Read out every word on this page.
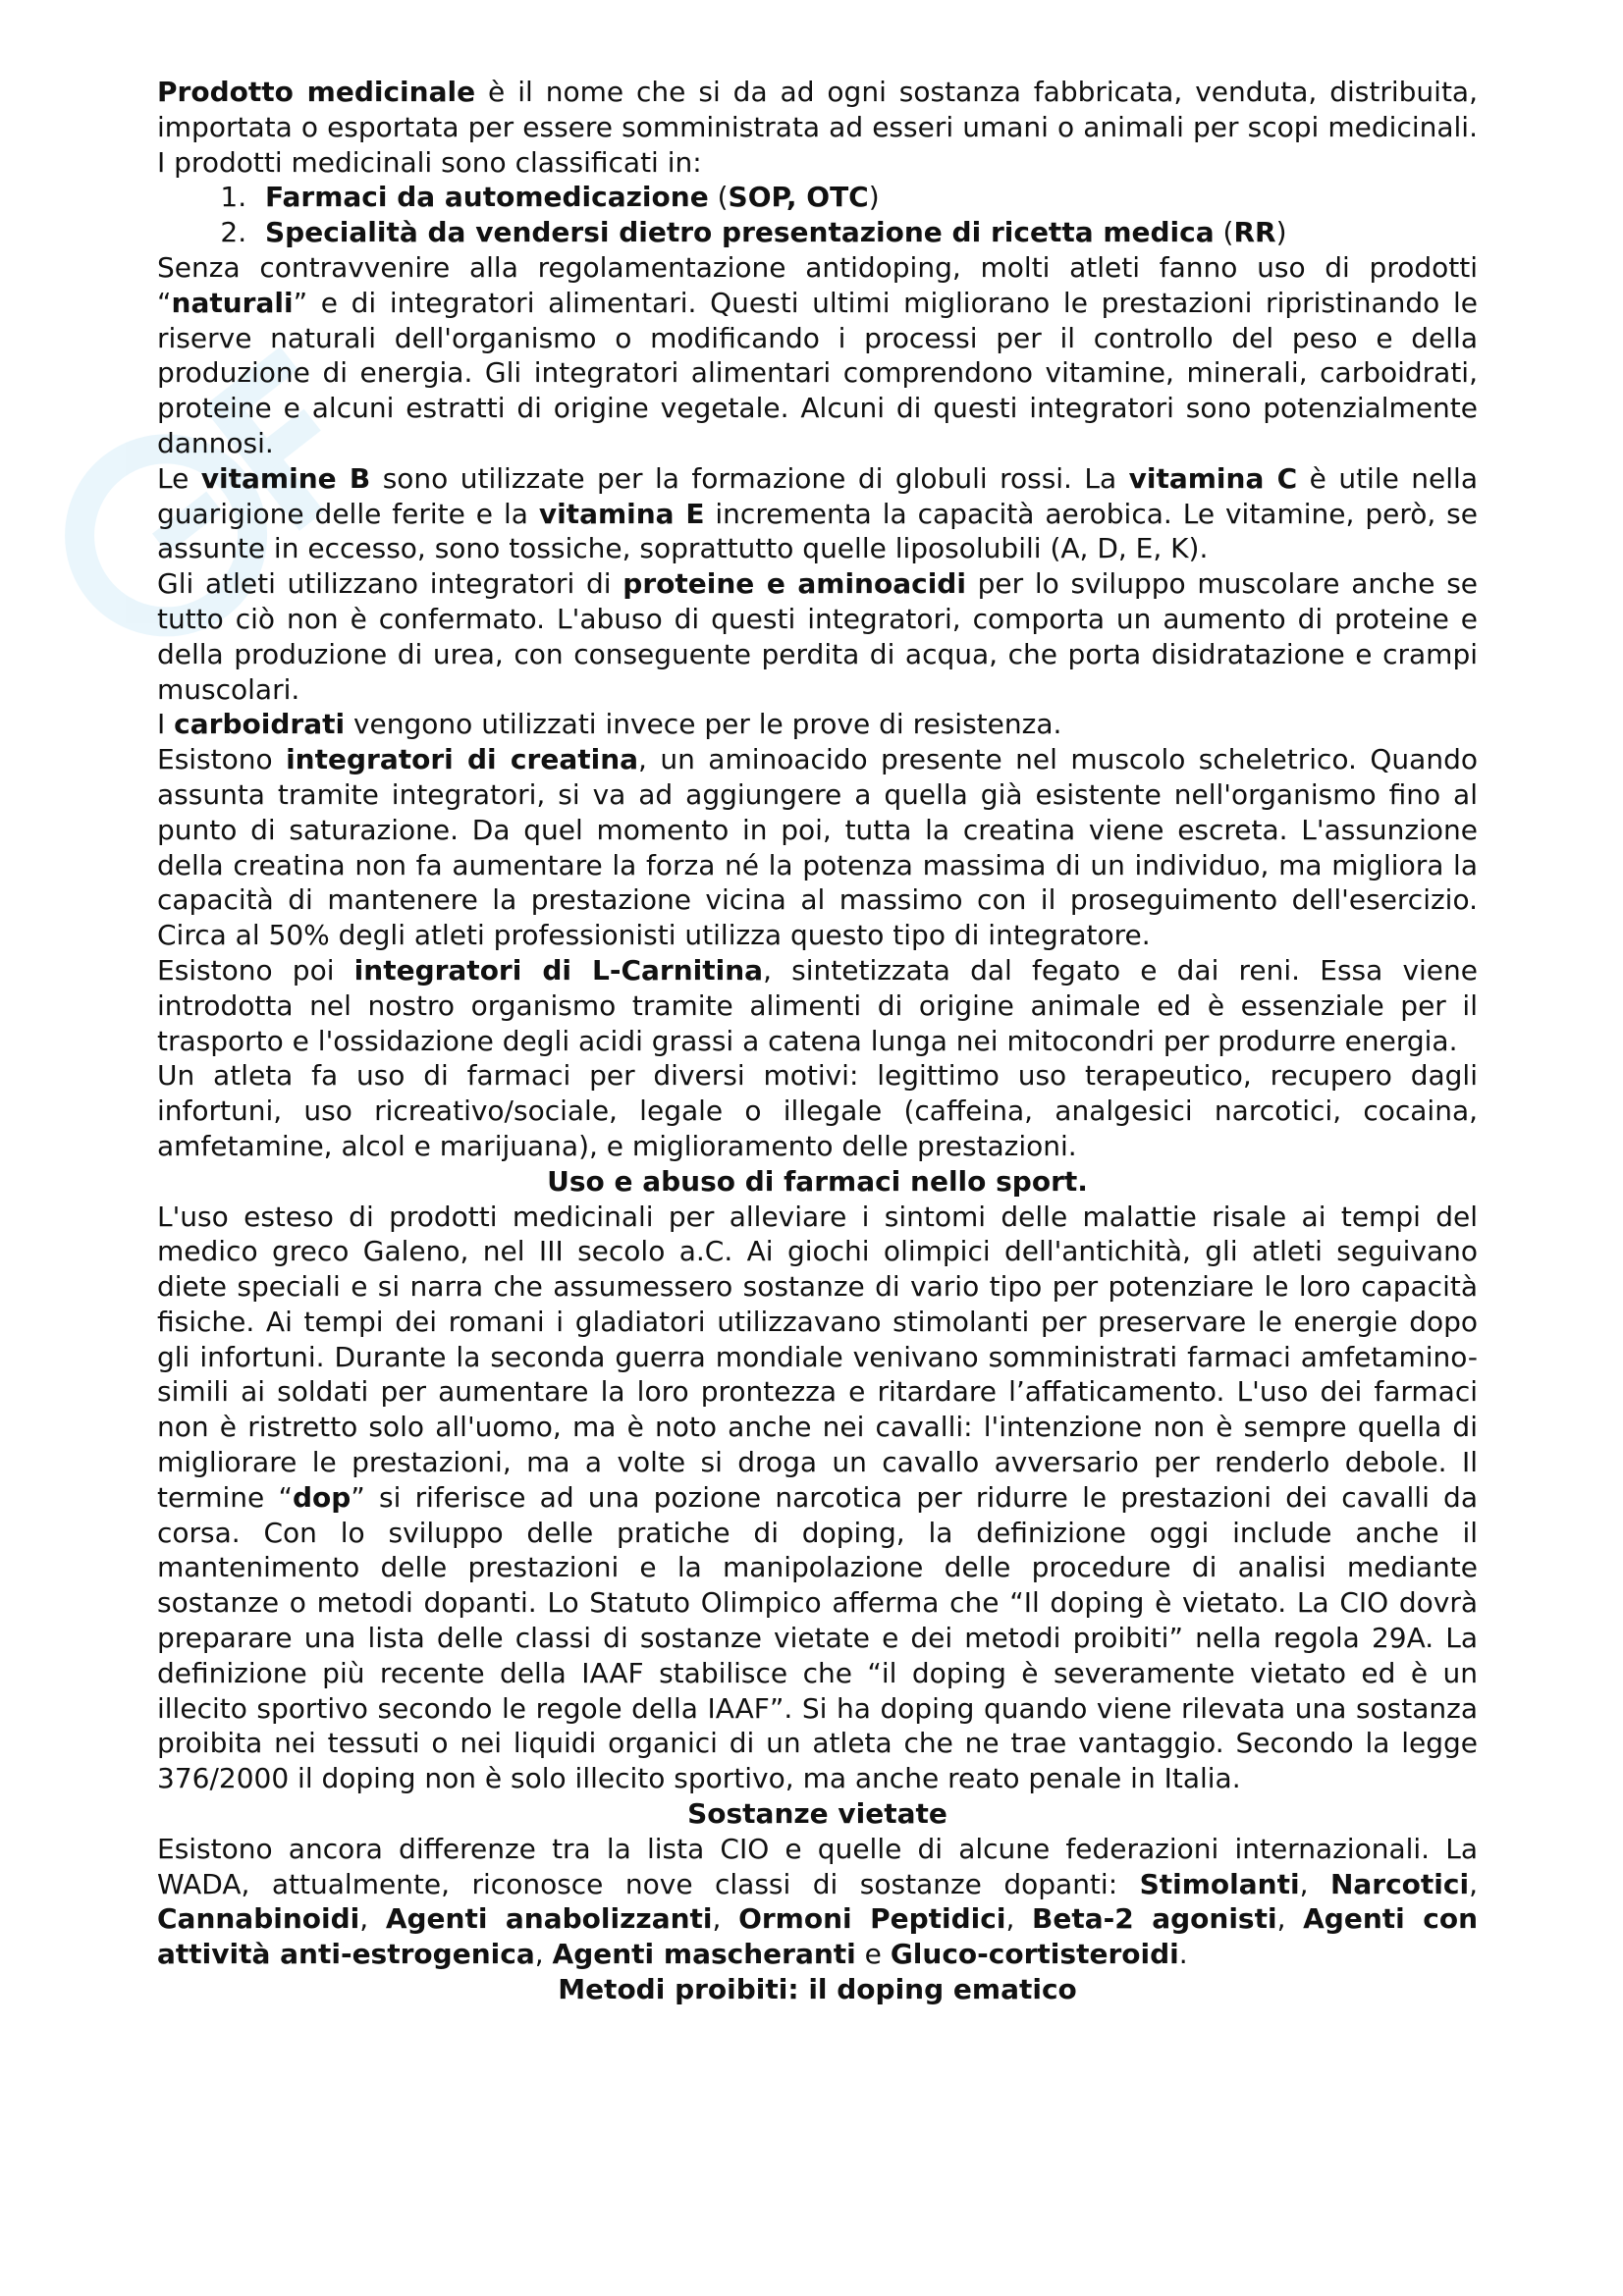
Prodotto medicinale è il nome che si da ad ogni sostanza fabbricata, venduta, distribuita, importata o esportata per essere somministrata ad esseri umani o animali per scopi medicinali. I prodotti medicinali sono classificati in:

1. Farmaci da automedicazione (SOP, OTC)
2. Specialità da vendersi dietro presentazione di ricetta medica (RR)

Senza contravvenire alla regolamentazione antidoping, molti atleti fanno uso di prodotti “naturali” e di integratori alimentari. Questi ultimi migliorano le prestazioni ripristinando le riserve naturali dell'organismo o modificando i processi per il controllo del peso e della produzione di energia. Gli integratori alimentari comprendono vitamine, minerali, carboidrati, proteine e alcuni estratti di origine vegetale. Alcuni di questi integratori sono potenzialmente dannosi.

Le vitamine B sono utilizzate per la formazione di globuli rossi. La vitamina C è utile nella guarigione delle ferite e la vitamina E incrementa la capacità aerobica. Le vitamine, però, se assunte in eccesso, sono tossiche, soprattutto quelle liposolubili (A, D, E, K).

Gli atleti utilizzano integratori di proteine e aminoacidi per lo sviluppo muscolare anche se tutto ciò non è confermato. L'abuso di questi integratori, comporta un aumento di proteine e della produzione di urea, con conseguente perdita di acqua, che porta disidratazione e crampi muscolari.

I carboidrati vengono utilizzati invece per le prove di resistenza.

Esistono integratori di creatina, un aminoacido presente nel muscolo scheletrico. Quando assunta tramite integratori, si va ad aggiungere a quella già esistente nell'organismo fino al punto di saturazione. Da quel momento in poi, tutta la creatina viene escreta. L'assunzione della creatina non fa aumentare la forza né la potenza massima di un individuo, ma migliora la capacità di mantenere la prestazione vicina al massimo con il proseguimento dell'esercizio. Circa al 50% degli atleti professionisti utilizza questo tipo di integratore.

Esistono poi integratori di L-Carnitina, sintetizzata dal fegato e dai reni. Essa viene introdotta nel nostro organismo tramite alimenti di origine animale ed è essenziale per il trasporto e l'ossidazione degli acidi grassi a catena lunga nei mitocondri per produrre energia.

Un atleta fa uso di farmaci per diversi motivi: legittimo uso terapeutico, recupero dagli infortuni, uso ricreativo/sociale, legale o illegale (caffeina, analgesici narcotici, cocaina, amfetamine, alcol e marijuana), e miglioramento delle prestazioni.

Uso e abuso di farmaci nello sport.

L'uso esteso di prodotti medicinali per alleviare i sintomi delle malattie risale ai tempi del medico greco Galeno, nel III secolo a.C. Ai giochi olimpici dell'antichità, gli atleti seguivano diete speciali e si narra che assumessero sostanze di vario tipo per potenziare le loro capacità fisiche. Ai tempi dei romani i gladiatori utilizzavano stimolanti per preservare le energie dopo gli infortuni. Durante la seconda guerra mondiale venivano somministrati farmaci amfetamino-simili ai soldati per aumentare la loro prontezza e ritardare l’affaticamento. L'uso dei farmaci non è ristretto solo all'uomo, ma è noto anche nei cavalli: l'intenzione non è sempre quella di migliorare le prestazioni, ma a volte si droga un cavallo avversario per renderlo debole. Il termine “dop” si riferisce ad una pozione narcotica per ridurre le prestazioni dei cavalli da corsa. Con lo sviluppo delle pratiche di doping, la definizione oggi include anche il mantenimento delle prestazioni e la manipolazione delle procedure di analisi mediante sostanze o metodi dopanti. Lo Statuto Olimpico afferma che “Il doping è vietato. La CIO dovrà preparare una lista delle classi di sostanze vietate e dei metodi proibiti” nella regola 29A. La definizione più recente della IAAF stabilisce che “il doping è severamente vietato ed è un illecito sportivo secondo le regole della IAAF”. Si ha doping quando viene rilevata una sostanza proibita nei tessuti o nei liquidi organici di un atleta che ne trae vantaggio. Secondo la legge 376/2000 il doping non è solo illecito sportivo, ma anche reato penale in Italia.

Sostanze vietate

Esistono ancora differenze tra la lista CIO e quelle di alcune federazioni internazionali. La WADA, attualmente, riconosce nove classi di sostanze dopanti: Stimolanti, Narcotici, Cannabinoidi, Agenti anabolizzanti, Ormoni Peptidici, Beta-2 agonisti, Agenti con attività anti-estrogenica, Agenti mascheranti e Gluco-cortisteroidi.

Metodi proibiti: il doping ematico
